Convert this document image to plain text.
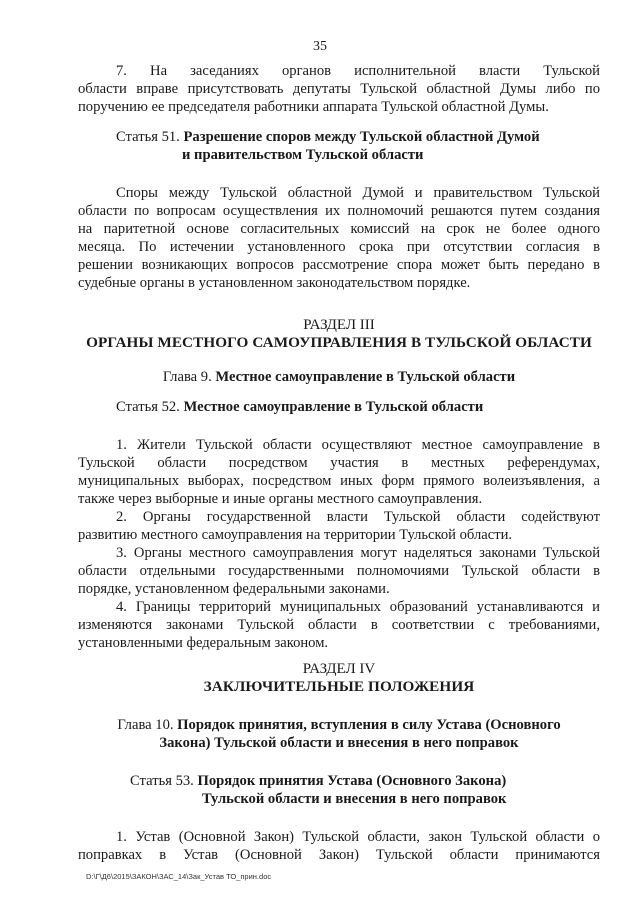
35

7. На заседаниях органов исполнительной власти Тульской

области вправе присутствовать депутаты Тульской областной Думы либо по

поручению ее председателя работники аппарата Тульской областной Думы.

Статья 51. Разрешение споров между Тульской областной Думой

и правительством Тульской области

Споры между Тульской областной Думой и правительством Тульской

области по вопросам осуществления их полномочий решаются путем создания

на паритетной основе согласительных комиссий на срок не более одного

месяца. По истечении установленного срока при отсутствии согласия в

решении возникающих вопросов рассмотрение спора может быть передано в

судебные органы в установленном законодательством порядке.

РАЗДЕЛ III

ОРГАНЫ МЕСТНОГО САМОУПРАВЛЕНИЯ В ТУЛЬСКОЙ ОБЛАСТИ

Глава 9. Местное самоуправление в Тульской области

Статья 52. Местное самоуправление в Тульской области

1. Жители Тульской области осуществляют местное самоуправление в

Тульской области посредством участия в местных референдумах,

муниципальных выборах, посредством иных форм прямого волеизъявления, а

также через выборные и иные органы местного самоуправления.

2. Органы государственной власти Тульской области содействуют

развитию местного самоуправления на территории Тульской области.

3. Органы местного самоуправления могут наделяться законами Тульской

области отдельными государственными полномочиями Тульской области в

порядке, установленном федеральными законами.

4. Границы территорий муниципальных образований устанавливаются и

изменяются законами Тульской области в соответствии с требованиями,

установленными федеральным законом.

РАЗДЕЛ IV

ЗАКЛЮЧИТЕЛЬНЫЕ ПОЛОЖЕНИЯ

Глава 10. Порядок принятия, вступления в силу Устава (Основного

Закона) Тульской области и внесения в него поправок

Статья 53. Порядок принятия Устава (Основного Закона)

Тульской области и внесения в него поправок

1. Устав (Основной Закон) Тульской области, закон Тульской области о

поправках в Устав (Основной Закон) Тульской области принимаются

D:\Г\Д6\2015\ЗАКОН\ЗАС_14\Зак_Устав ТО_прин.doc
